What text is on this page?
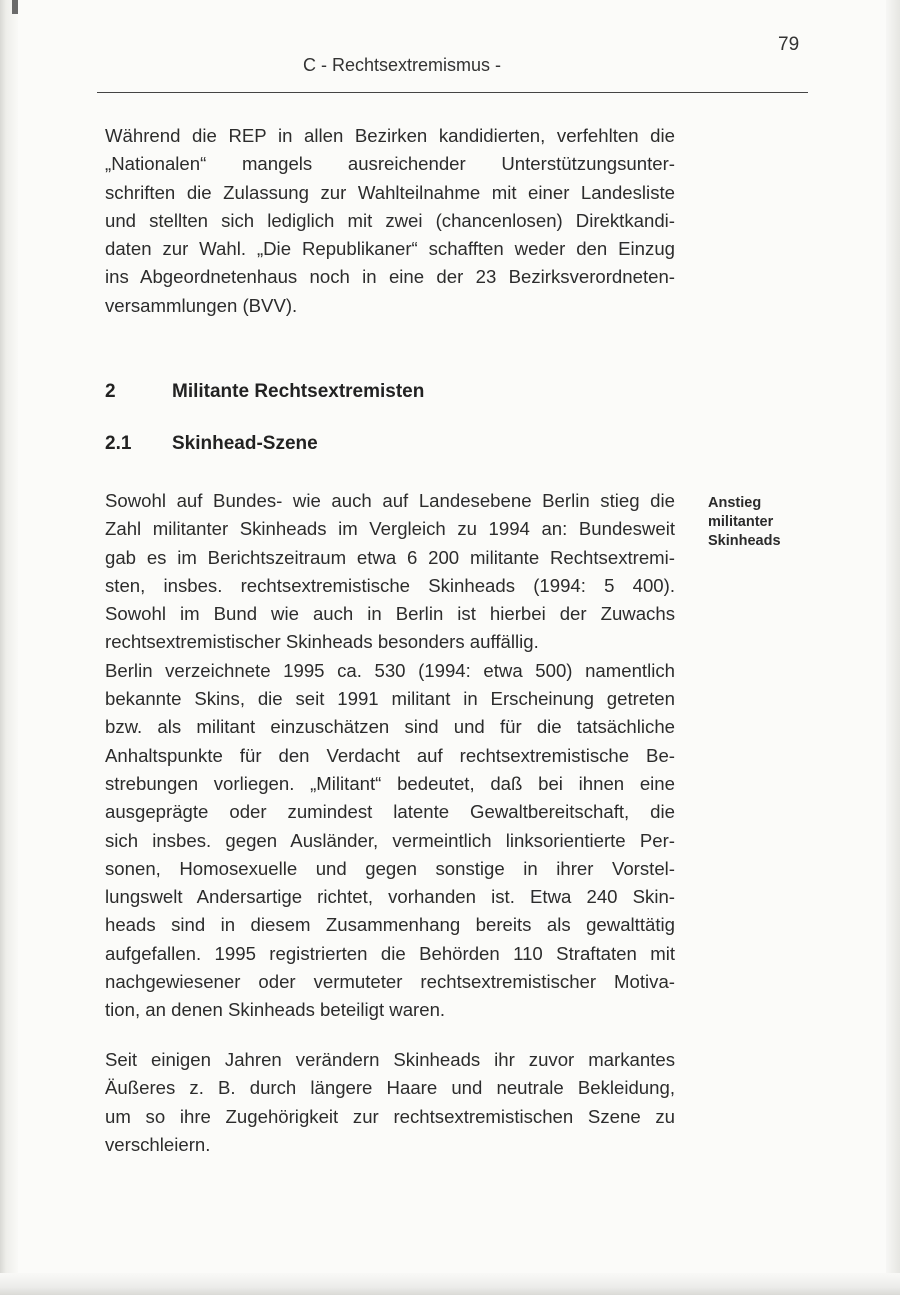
79
C - Rechtsextremismus -

Während die REP in allen Bezirken kandidierten, verfehlten die
„Nationalen“ mangels ausreichender Unterstützungsunter-
schriften die Zulassung zur Wahlteilnahme mit einer Landesliste
und stellten sich lediglich mit zwei (chancenlosen) Direktkandi-
daten zur Wahl. „Die Republikaner“ schafften weder den Einzug
ins Abgeordnetenhaus noch in eine der 23 Bezirksverordneten-
versammlungen (BVV).

2	Militante Rechtsextremisten
2.1 Skinhead-Szene
Anstieg
militanter
Skinheads

Sowohl auf Bundes- wie auch auf Landesebene Berlin stieg die
Zahl militanter Skinheads im Vergleich zu 1994 an: Bundesweit
gab es im Berichtszeitraum etwa 6 200 militante Rechtsextremi-
sten, insbes. rechtsextremistische Skinheads (1994: 5 400).
Sowohl im Bund wie auch in Berlin ist hierbei der Zuwachs
rechtsextremistischer Skinheads besonders auffällig.
Berlin verzeichnete 1995 ca. 530 (1994: etwa 500) namentlich
bekannte Skins, die seit 1991 militant in Erscheinung getreten
bzw. als militant einzuschätzen sind und für die tatsächliche
Anhaltspunkte für den Verdacht auf rechtsextremistische Be-
strebungen vorliegen. „Militant“ bedeutet, daß bei ihnen eine
ausgeprägte oder zumindest latente Gewaltbereitschaft, die
sich insbes. gegen Ausländer, vermeintlich linksorientierte Per-
sonen, Homosexuelle und gegen sonstige in ihrer Vorstel-
lungswelt Andersartige richtet, vorhanden ist. Etwa 240 Skin-
heads sind in diesem Zusammenhang bereits als gewalttätig
aufgefallen. 1995 registrierten die Behörden 110 Straftaten mit
nachgewiesener oder vermuteter rechtsextremistischer Motiva-
tion, an denen Skinheads beteiligt waren.

Seit einigen Jahren verändern Skinheads ihr zuvor markantes
Äußeres z. B. durch längere Haare und neutrale Bekleidung,
um so ihre Zugehörigkeit zur rechtsextremistischen Szene zu
verschleiern.
